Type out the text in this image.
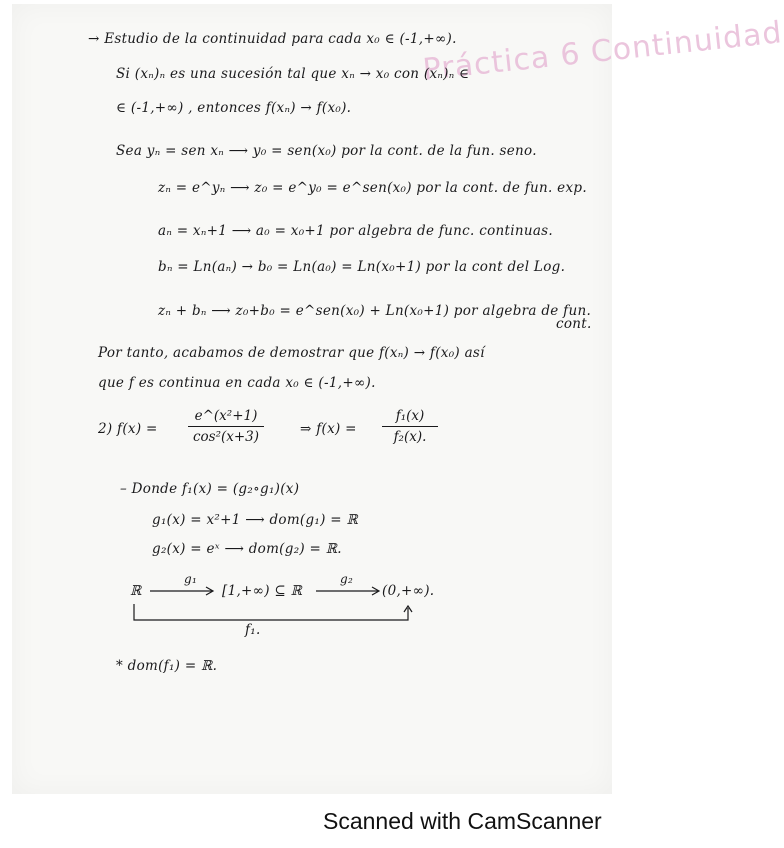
Práctica 6 Continuidad
→ Estudio de la continuidad para cada x₀ ∈ (-1,+∞).
Si (xₙ)ₙ es una sucesión tal que xₙ → x₀ con (xₙ)ₙ ∈
∈ (-1,+∞) , entonces f(xₙ) → f(x₀).
Sea yₙ = sen xₙ ⟶ y₀ = sen(x₀) por la cont. de la fun. seno.
zₙ = e^yₙ ⟶ z₀ = e^y₀ = e^sen(x₀) por la cont. de fun. exp.
aₙ = xₙ+1 ⟶ a₀ = x₀+1 por algebra de func. continuas.
bₙ = Ln(aₙ) → b₀ = Ln(a₀) = Ln(x₀+1) por la cont del Log.
zₙ + bₙ ⟶ z₀+b₀ = e^sen(x₀) + Ln(x₀+1) por algebra de fun.
cont.
Por tanto, acabamos de demostrar que f(xₙ) → f(x₀) así
que f es continua en cada x₀ ∈ (-1,+∞).
2) f(x) =
e^(x²+1)
cos²(x+3)	⇒ f(x) =
f₁(x)
f₂(x).
– Donde f₁(x) = (g₂∘g₁)(x)
g₁(x) = x²+1 ⟶ dom(g₁) = ℝ
g₂(x) = eˣ ⟶ dom(g₂) = ℝ.
ℝ
g₁
[1,+∞) ⊆ ℝ
g₂
(0,+∞).
f₁.
* dom(f₁) = ℝ.
Scanned with CamScanner
